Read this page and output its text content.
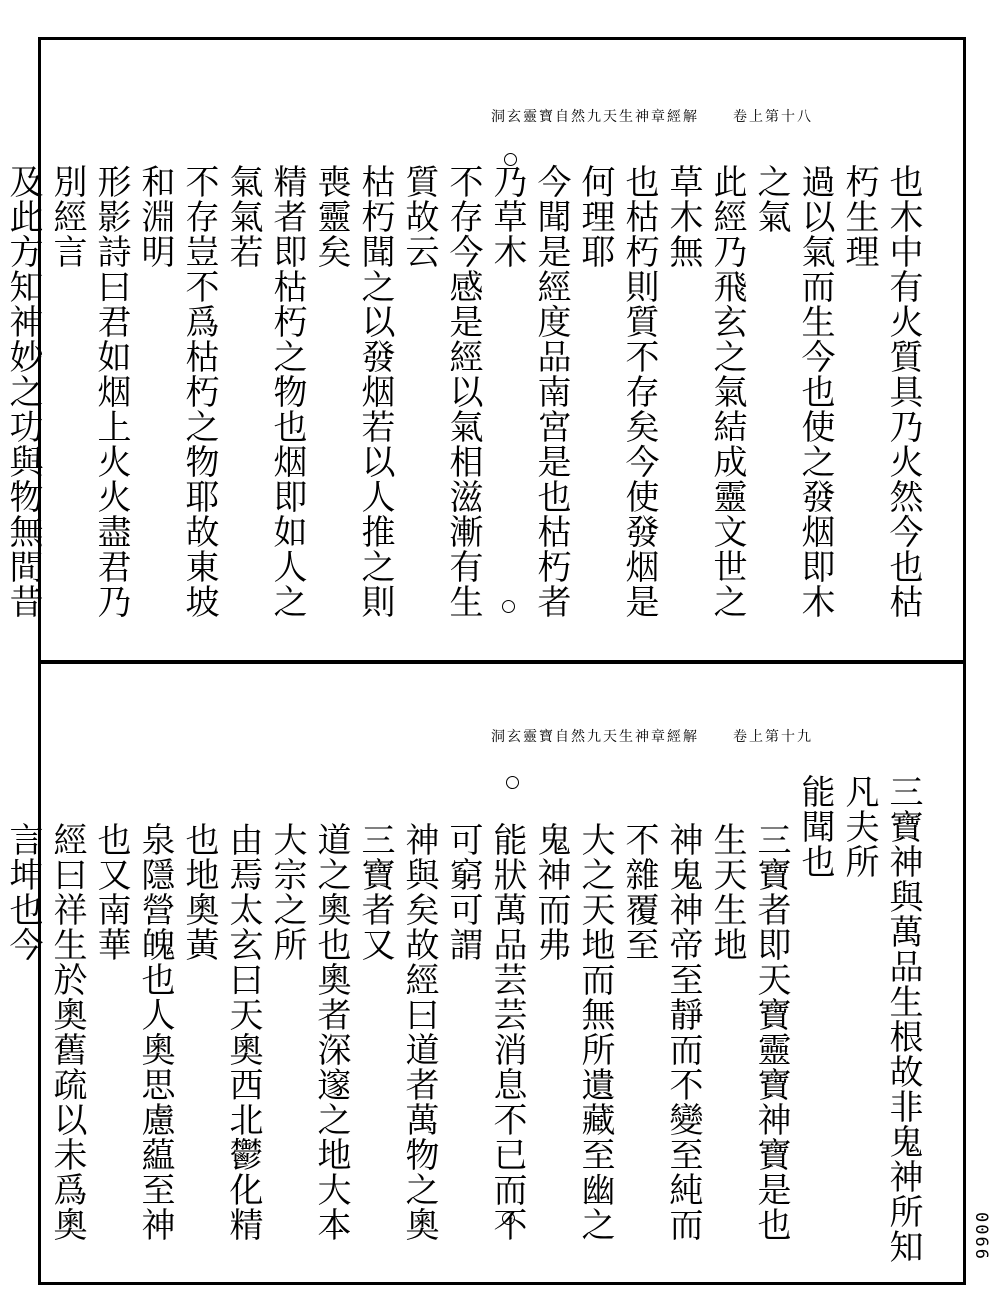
洞玄靈寶自然九天生神章經解 卷上第十八
也木中有火質具乃火然今也枯朽生理
過以氣而生今也使之發烟即木之氣
此經乃飛玄之氣結成靈文世之草木無
也枯朽則質不存矣今使發烟是何理耶
今聞是經度品南宮是也枯朽者乃草木
不存今感是經以氣相滋漸有生質故云
枯朽聞之以發烟若以人推之則喪靈矣
精者即枯朽之物也烟即如人之氣氣若
不存豈不爲枯朽之物耶故東坡和淵明
形影詩曰君如烟上火火盡君乃別經言
及此方知神妙之功與物無間昔
洞玄靈寶自然九天生神章經解 卷上第十九
三寶神與萬品生根故非鬼神所知凡夫所
能聞也
三寶者即天寶靈寶神寶是也生天生地
神鬼神帝至靜而不變至純而不雜覆至
大之天地而無所遺藏至幽之鬼神而弗
能狀萬品芸芸消息不已而不可窮可謂
神與矣故經曰道者萬物之奧三寶者又
道之奧也奧者深邃之地大本大宗之所
由焉太玄曰天奧西北鬱化精也地奧黃
泉隱營魄也人奧思慮藴至神也又南華
經曰祥生於奧舊疏以未爲奧言坤也今
0066
